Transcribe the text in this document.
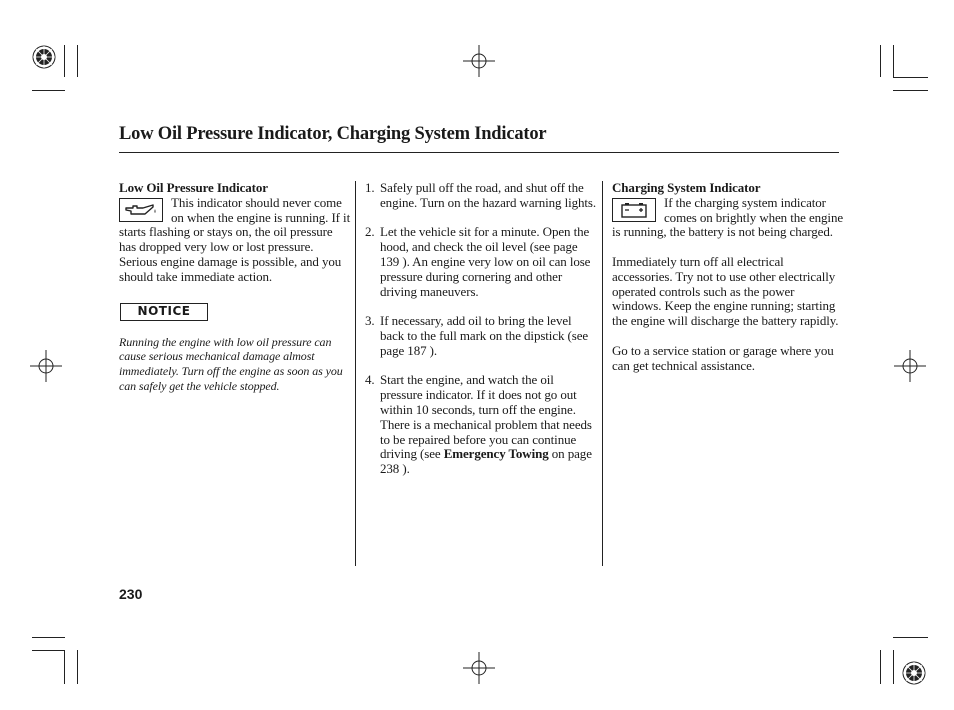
Low Oil Pressure Indicator, Charging System Indicator
Low Oil Pressure Indicator

This indicator should never come on when the engine is running. If it starts flashing or stays on, the oil pressure has dropped very low or lost pressure. Serious engine damage is possible, and you should take immediate action.

NOTICE

Running the engine with low oil pressure can cause serious mechanical damage almost immediately. Turn off the engine as soon as you can safely get the vehicle stopped.

1. Safely pull off the road, and shut off the engine. Turn on the hazard warning lights.
2. Let the vehicle sit for a minute. Open the hood, and check the oil level (see page 139 ). An engine very low on oil can lose pressure during cornering and other driving maneuvers.
3. If necessary, add oil to bring the level back to the full mark on the dipstick (see page 187 ).
4. Start the engine, and watch the oil pressure indicator. If it does not go out within 10 seconds, turn off the engine. There is a mechanical problem that needs to be repaired before you can continue driving (see Emergency Towing on page 238 ).
Charging System Indicator

If the charging system indicator comes on brightly when the engine is running, the battery is not being charged.

Immediately turn off all electrical accessories. Try not to use other electrically operated controls such as the power windows. Keep the engine running; starting the engine will discharge the battery rapidly.

Go to a service station or garage where you can get technical assistance.

230
